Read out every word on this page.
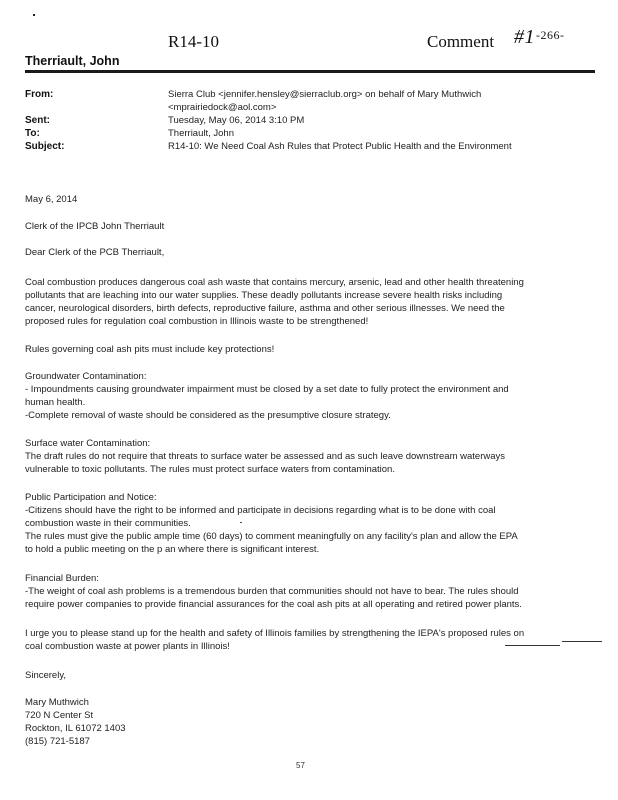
R14-10	Comment $\#1^{-266-}$
Therriault, John
From:	Sierra Club <jennifer.hensley@sierraclub.org> on behalf of Mary Muthwich
<mprairiedock@aol.com>
Sent:	Tuesday, May 06, 2014 3:10 PM
To:	Therriault, John
Subject:	R14-10: We Need Coal Ash Rules that Protect Public Health and the Environment
May 6, 2014
Clerk of the IPCB John Therriault
Dear Clerk of the PCB Therriault,
Coal combustion produces dangerous coal ash waste that contains mercury, arsenic, lead and other health threatening
pollutants that are leaching into our water supplies. These deadly pollutants increase severe health risks including
cancer, neurological disorders, birth defects, reproductive failure, asthma and other serious illnesses. We need the
proposed rules for regulation coal combustion in Illinois waste to be strengthened!
Rules governing coal ash pits must include key protections!
Groundwater Contamination:
- Impoundments causing groundwater impairment must be closed by a set date to fully protect the environment and
human health.
-Complete removal of waste should be considered as the presumptive closure strategy.
Surface water Contamination:
The draft rules do not require that threats to surface water be assessed and as such leave downstream waterways
vulnerable to toxic pollutants. The rules must protect surface waters from contamination.
Public Participation and Notice:
-Citizens should have the right to be informed and participate in decisions regarding what is to be done with coal
combustion waste in their communities.
The rules must give the public ample time (60 days) to comment meaningfully on any facility's plan and allow the EPA
to hold a public meeting on the p an where there is significant interest.
Financial Burden:
-The weight of coal ash problems is a tremendous burden that communities should not have to bear. The rules should
require power companies to provide financial assurances for the coal ash pits at all operating and retired power plants.
I urge you to please stand up for the health and safety of Illinois families by strengthening the IEPA's proposed rules on
coal combustion waste at power plants in Illinois!
Sincerely,
Mary Muthwich
720 N Center St
Rockton, IL 61072 1403
(815) 721-5187
57
